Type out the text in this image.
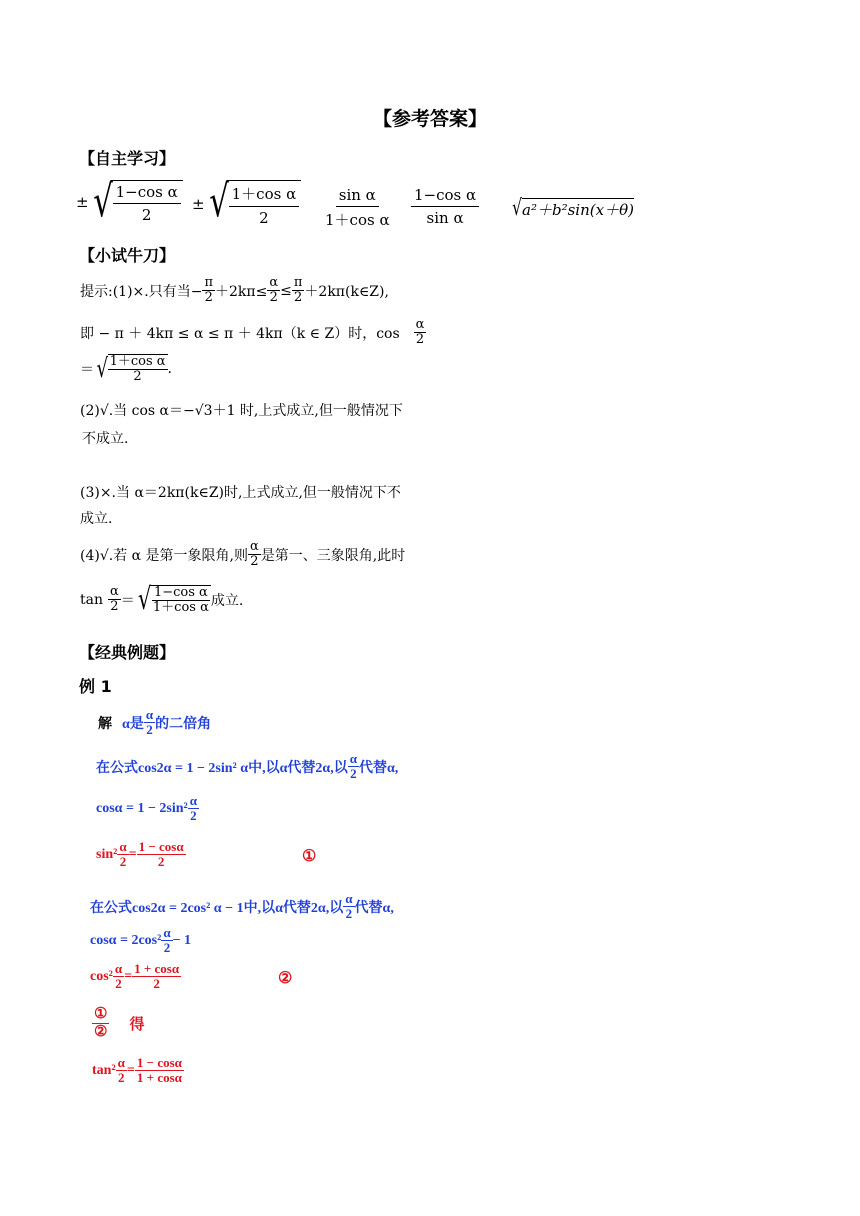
【参考答案】
【自主学习】
± √ $\frac{\text{1−cos α}}{2}$ ± √ $\frac{\text{1＋cos α}}{2} \frac{\text{sin α}}{\text{1＋cos α}} \frac{\text{1−cos α}}{\text{sin α}}$ √ a²＋b²sin(x＋θ)
【小试牛刀】
提示:(1)×.只有当− $\frac{\pi}{2} +2k\pi\le \frac{\alpha}{2} \le \frac{\pi}{2}$ ＋2kπ(k∈Z),
即 − π ＋ 4kπ ≤ α ≤ π ＋ 4kπ（k ∈ Z）时，$\cos \frac{\alpha}{2}$
＝ √ $\frac{\text{1＋cos α}}{2}$ .
(2)√.当 cos α＝−√3＋1 时,上式成立,但一般情况下
不成立.
(3)×.当 α＝2kπ(k∈Z)时,上式成立,但一般情况下不
成立.
(4)√.若 α 是第一象限角,则 $\frac{\alpha}{2}$ 是第一、三象限角,此时
$\tan \frac{\alpha}{2}$ ＝ √ $\frac{\text{1−cos α}}{\text{1＋cos α}}$ 成立.
【经典例题】
例 1
解 α是 $\frac{\alpha}{2}$ 的二倍角
在公式cos2α = 1 − 2sin² α中,以α代替2α,以 $\frac{\alpha}{2}$ 代替α,
$\cos\alpha = 1 - 2\sin^2 \frac{\alpha}{2}$
$\sin^2 \frac{\alpha}{2} = \frac{1 - \cos\alpha}{2}$	①
在公式cos2α = 2cos² α − 1中,以α代替2α,以 $\frac{\alpha}{2}$ 代替α,
$\cos\alpha = 2\cos^2 \frac{\alpha}{2} - 1$
$\cos^2 \frac{\alpha}{2} = \frac{1 + \cos\alpha}{2}$	②
$\frac{\text{①}}{\text{②}}$ 得
$\tan^2 \frac{\alpha}{2} = \frac{1 - \cos\alpha}{1 + \cos\alpha}$
